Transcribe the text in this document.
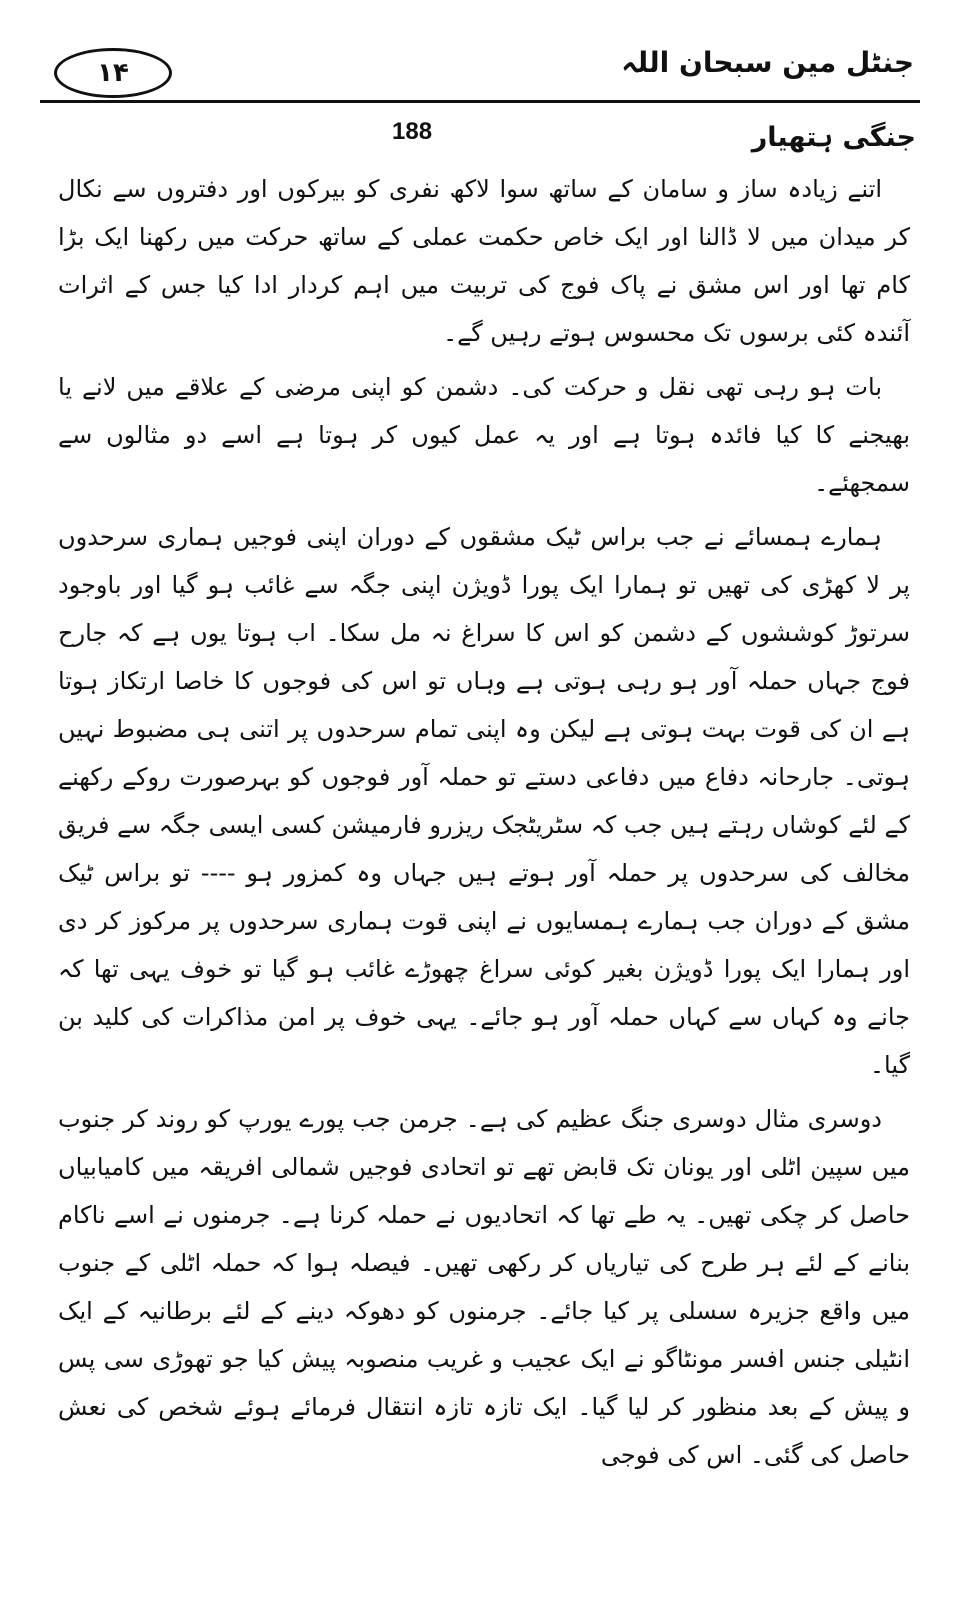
۱۴	جنٹل مین سبحان اللہ
جنگی ہتھیار
188

اتنے زیادہ ساز و سامان کے ساتھ سوا لاکھ نفری کو بیرکوں اور دفتروں سے نکال کر میدان میں لا ڈالنا اور ایک خاص حکمت عملی کے ساتھ حرکت میں رکھنا ایک بڑا کام تھا اور اس مشق نے پاک فوج کی تربیت میں اہم کردار ادا کیا جس کے اثرات آئندہ کئی برسوں تک محسوس ہوتے رہیں گے۔

بات ہو رہی تھی نقل و حرکت کی۔ دشمن کو اپنی مرضی کے علاقے میں لانے یا بھیجنے کا کیا فائدہ ہوتا ہے اور یہ عمل کیوں کر ہوتا ہے اسے دو مثالوں سے سمجھئے۔

ہمارے ہمسائے نے جب براس ٹیک مشقوں کے دوران اپنی فوجیں ہماری سرحدوں پر لا کھڑی کی تھیں تو ہمارا ایک پورا ڈویژن اپنی جگہ سے غائب ہو گیا اور باوجود سرتوڑ کوششوں کے دشمن کو اس کا سراغ نہ مل سکا۔ اب ہوتا یوں ہے کہ جارح فوج جہاں حملہ آور ہو رہی ہوتی ہے وہاں تو اس کی فوجوں کا خاصا ارتکاز ہوتا ہے ان کی قوت بہت ہوتی ہے لیکن وہ اپنی تمام سرحدوں پر اتنی ہی مضبوط نہیں ہوتی۔ جارحانہ دفاع میں دفاعی دستے تو حملہ آور فوجوں کو بہرصورت روکے رکھنے کے لئے کوشاں رہتے ہیں جب کہ سٹریٹجک ریزرو فارمیشن کسی ایسی جگہ سے فریق مخالف کی سرحدوں پر حملہ آور ہوتے ہیں جہاں وہ کمزور ہو ---- تو براس ٹیک مشق کے دوران جب ہمارے ہمسایوں نے اپنی قوت ہماری سرحدوں پر مرکوز کر دی اور ہمارا ایک پورا ڈویژن بغیر کوئی سراغ چھوڑے غائب ہو گیا تو خوف یہی تھا کہ جانے وہ کہاں سے کہاں حملہ آور ہو جائے۔ یہی خوف پر امن مذاکرات کی کلید بن گیا۔

دوسری مثال دوسری جنگ عظیم کی ہے۔ جرمن جب پورے یورپ کو روند کر جنوب میں سپین اٹلی اور یونان تک قابض تھے تو اتحادی فوجیں شمالی افریقہ میں کامیابیاں حاصل کر چکی تھیں۔ یہ طے تھا کہ اتحادیوں نے حملہ کرنا ہے۔ جرمنوں نے اسے ناکام بنانے کے لئے ہر طرح کی تیاریاں کر رکھی تھیں۔ فیصلہ ہوا کہ حملہ اٹلی کے جنوب میں واقع جزیرہ سسلی پر کیا جائے۔ جرمنوں کو دھوکہ دینے کے لئے برطانیہ کے ایک انٹیلی جنس افسر مونٹاگو نے ایک عجیب و غریب منصوبہ پیش کیا جو تھوڑی سی پس و پیش کے بعد منظور کر لیا گیا۔ ایک تازہ تازہ انتقال فرمائے ہوئے شخص کی نعش حاصل کی گئی۔ اس کی فوجی
